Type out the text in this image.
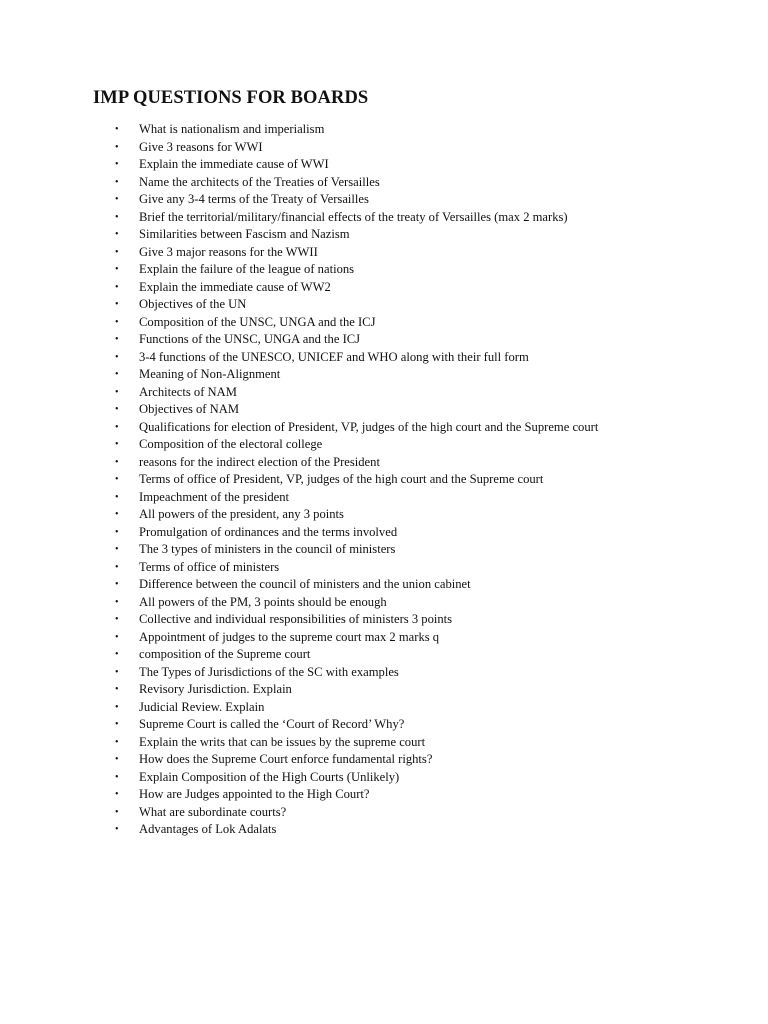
IMP QUESTIONS FOR BOARDS
• What is nationalism and imperialism
• Give 3 reasons for WWI
• Explain the immediate cause of WWI
• Name the architects of the Treaties of Versailles
• Give any 3-4 terms of the Treaty of Versailles
• Brief the territorial/military/financial effects of the treaty of Versailles (max 2 marks)
• Similarities between Fascism and Nazism
• Give 3 major reasons for the WWII
• Explain the failure of the league of nations
• Explain the immediate cause of WW2
• Objectives of the UN
• Composition of the UNSC, UNGA and the ICJ
• Functions of the UNSC, UNGA and the ICJ
• 3-4 functions of the UNESCO, UNICEF and WHO along with their full form
• Meaning of Non-Alignment
• Architects of NAM
• Objectives of NAM
• Qualifications for election of President, VP, judges of the high court and the Supreme court
• Composition of the electoral college
• reasons for the indirect election of the President
• Terms of office of President, VP, judges of the high court and the Supreme court
• Impeachment of the president
• All powers of the president, any 3 points
• Promulgation of ordinances and the terms involved
• The 3 types of ministers in the council of ministers
• Terms of office of ministers
• Difference between the council of ministers and the union cabinet
• All powers of the PM, 3 points should be enough
• Collective and individual responsibilities of ministers 3 points
• Appointment of judges to the supreme court max 2 marks q
• composition of the Supreme court
• The Types of Jurisdictions of the SC with examples
• Revisory Jurisdiction. Explain
• Judicial Review. Explain
• Supreme Court is called the ‘Court of Record’ Why?
• Explain the writs that can be issues by the supreme court
• How does the Supreme Court enforce fundamental rights?
• Explain Composition of the High Courts (Unlikely)
• How are Judges appointed to the High Court?
• What are subordinate courts?
• Advantages of Lok Adalats
